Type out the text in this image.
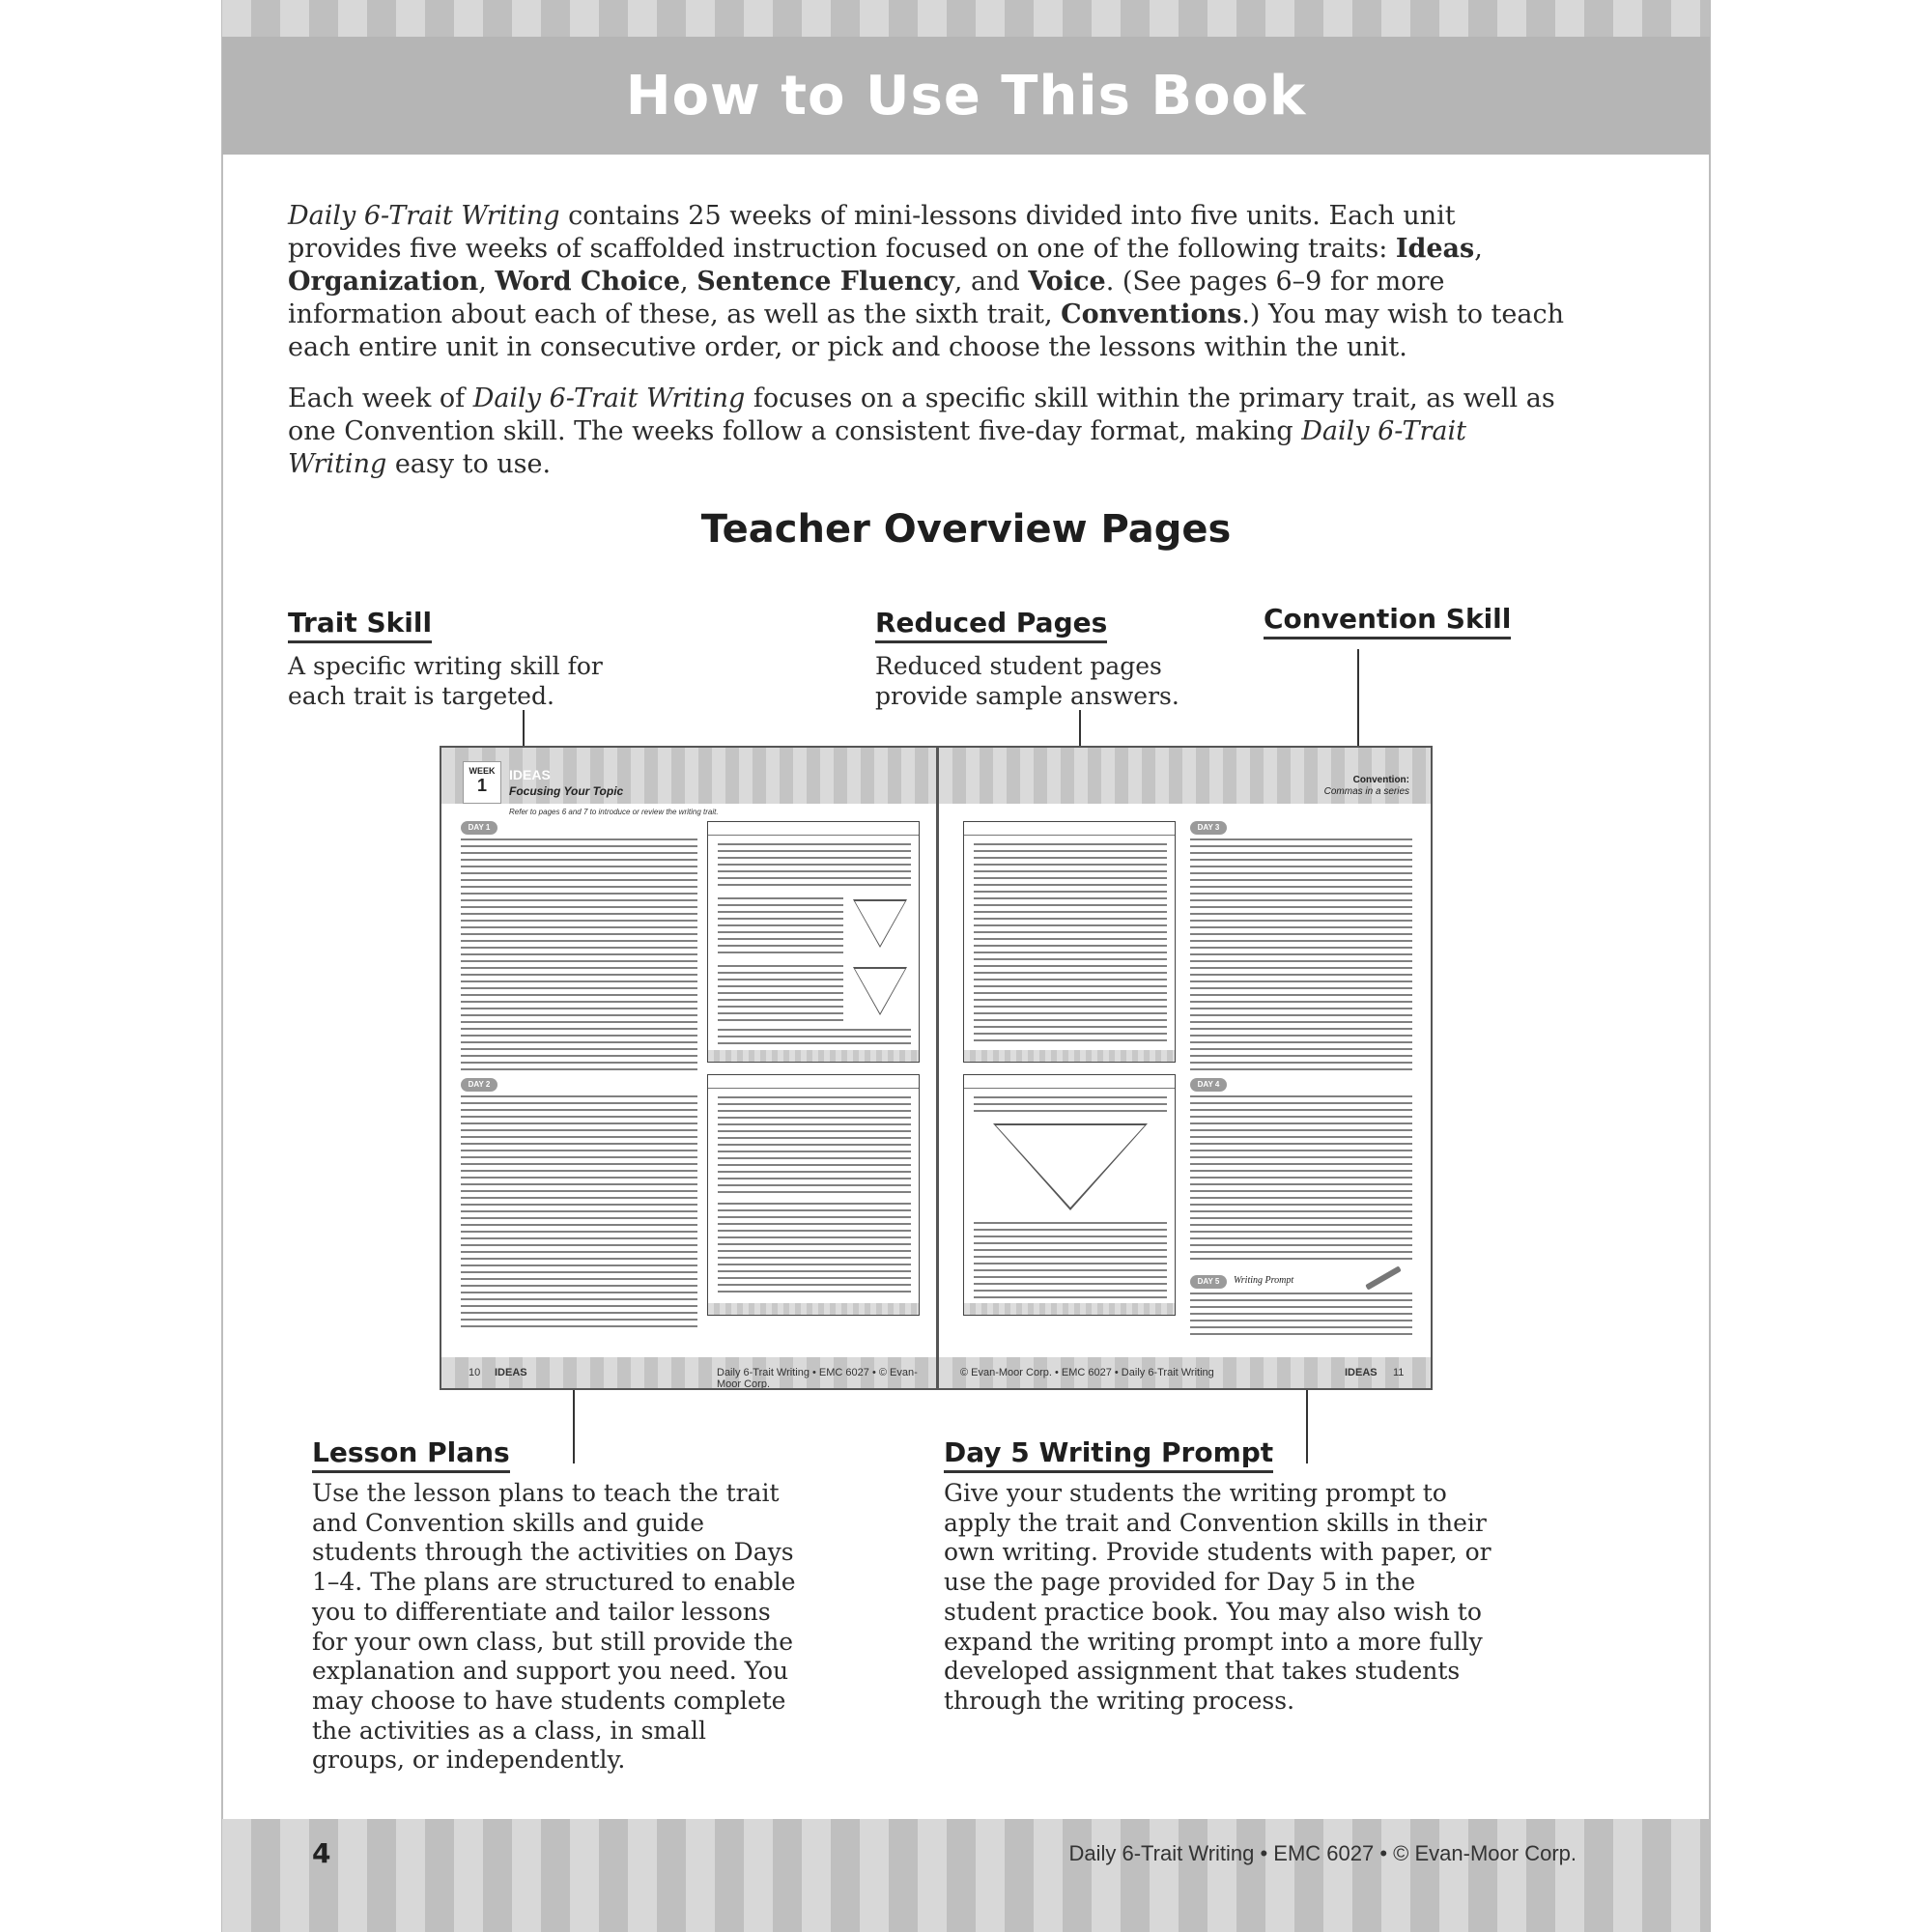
How to Use This Book

Daily 6-Trait Writing contains 25 weeks of mini-lessons divided into five units. Each unit provides five weeks of scaffolded instruction focused on one of the following traits: Ideas, Organization, Word Choice, Sentence Fluency, and Voice. (See pages 6–9 for more information about each of these, as well as the sixth trait, Conventions.) You may wish to teach each entire unit in consecutive order, or pick and choose the lessons within the unit.

Each week of Daily 6-Trait Writing focuses on a specific skill within the primary trait, as well as one Convention skill. The weeks follow a consistent five-day format, making Daily 6-Trait Writing easy to use.

Teacher Overview Pages
Trait Skill
A specific writing skill for each trait is targeted.
Reduced Pages
Reduced student pages provide sample answers.
Convention Skill
WEEK
1
IDEAS
Focusing Your Topic
Refer to pages 6 and 7 to introduce or review the writing trait.
DAY 1
DAY 2
10 IDEAS	Daily 6-Trait Writing • EMC 6027 • © Evan-Moor Corp.
Convention:
Commas in a series
DAY 3
DAY 4
DAY 5	Writing Prompt
© Evan-Moor Corp. • EMC 6027 • Daily 6-Trait Writing	IDEAS 11
Lesson Plans
Use the lesson plans to teach the trait and Convention skills and guide students through the activities on Days 1–4. The plans are structured to enable you to differentiate and tailor lessons for your own class, but still provide the explanation and support you need. You may choose to have students complete the activities as a class, in small groups, or independently.
Day 5 Writing Prompt
Give your students the writing prompt to apply the trait and Convention skills in their own writing. Provide students with paper, or use the page provided for Day 5 in the student practice book. You may also wish to expand the writing prompt into a more fully developed assignment that takes students through the writing process.
4	Daily 6-Trait Writing • EMC 6027 • © Evan-Moor Corp.
